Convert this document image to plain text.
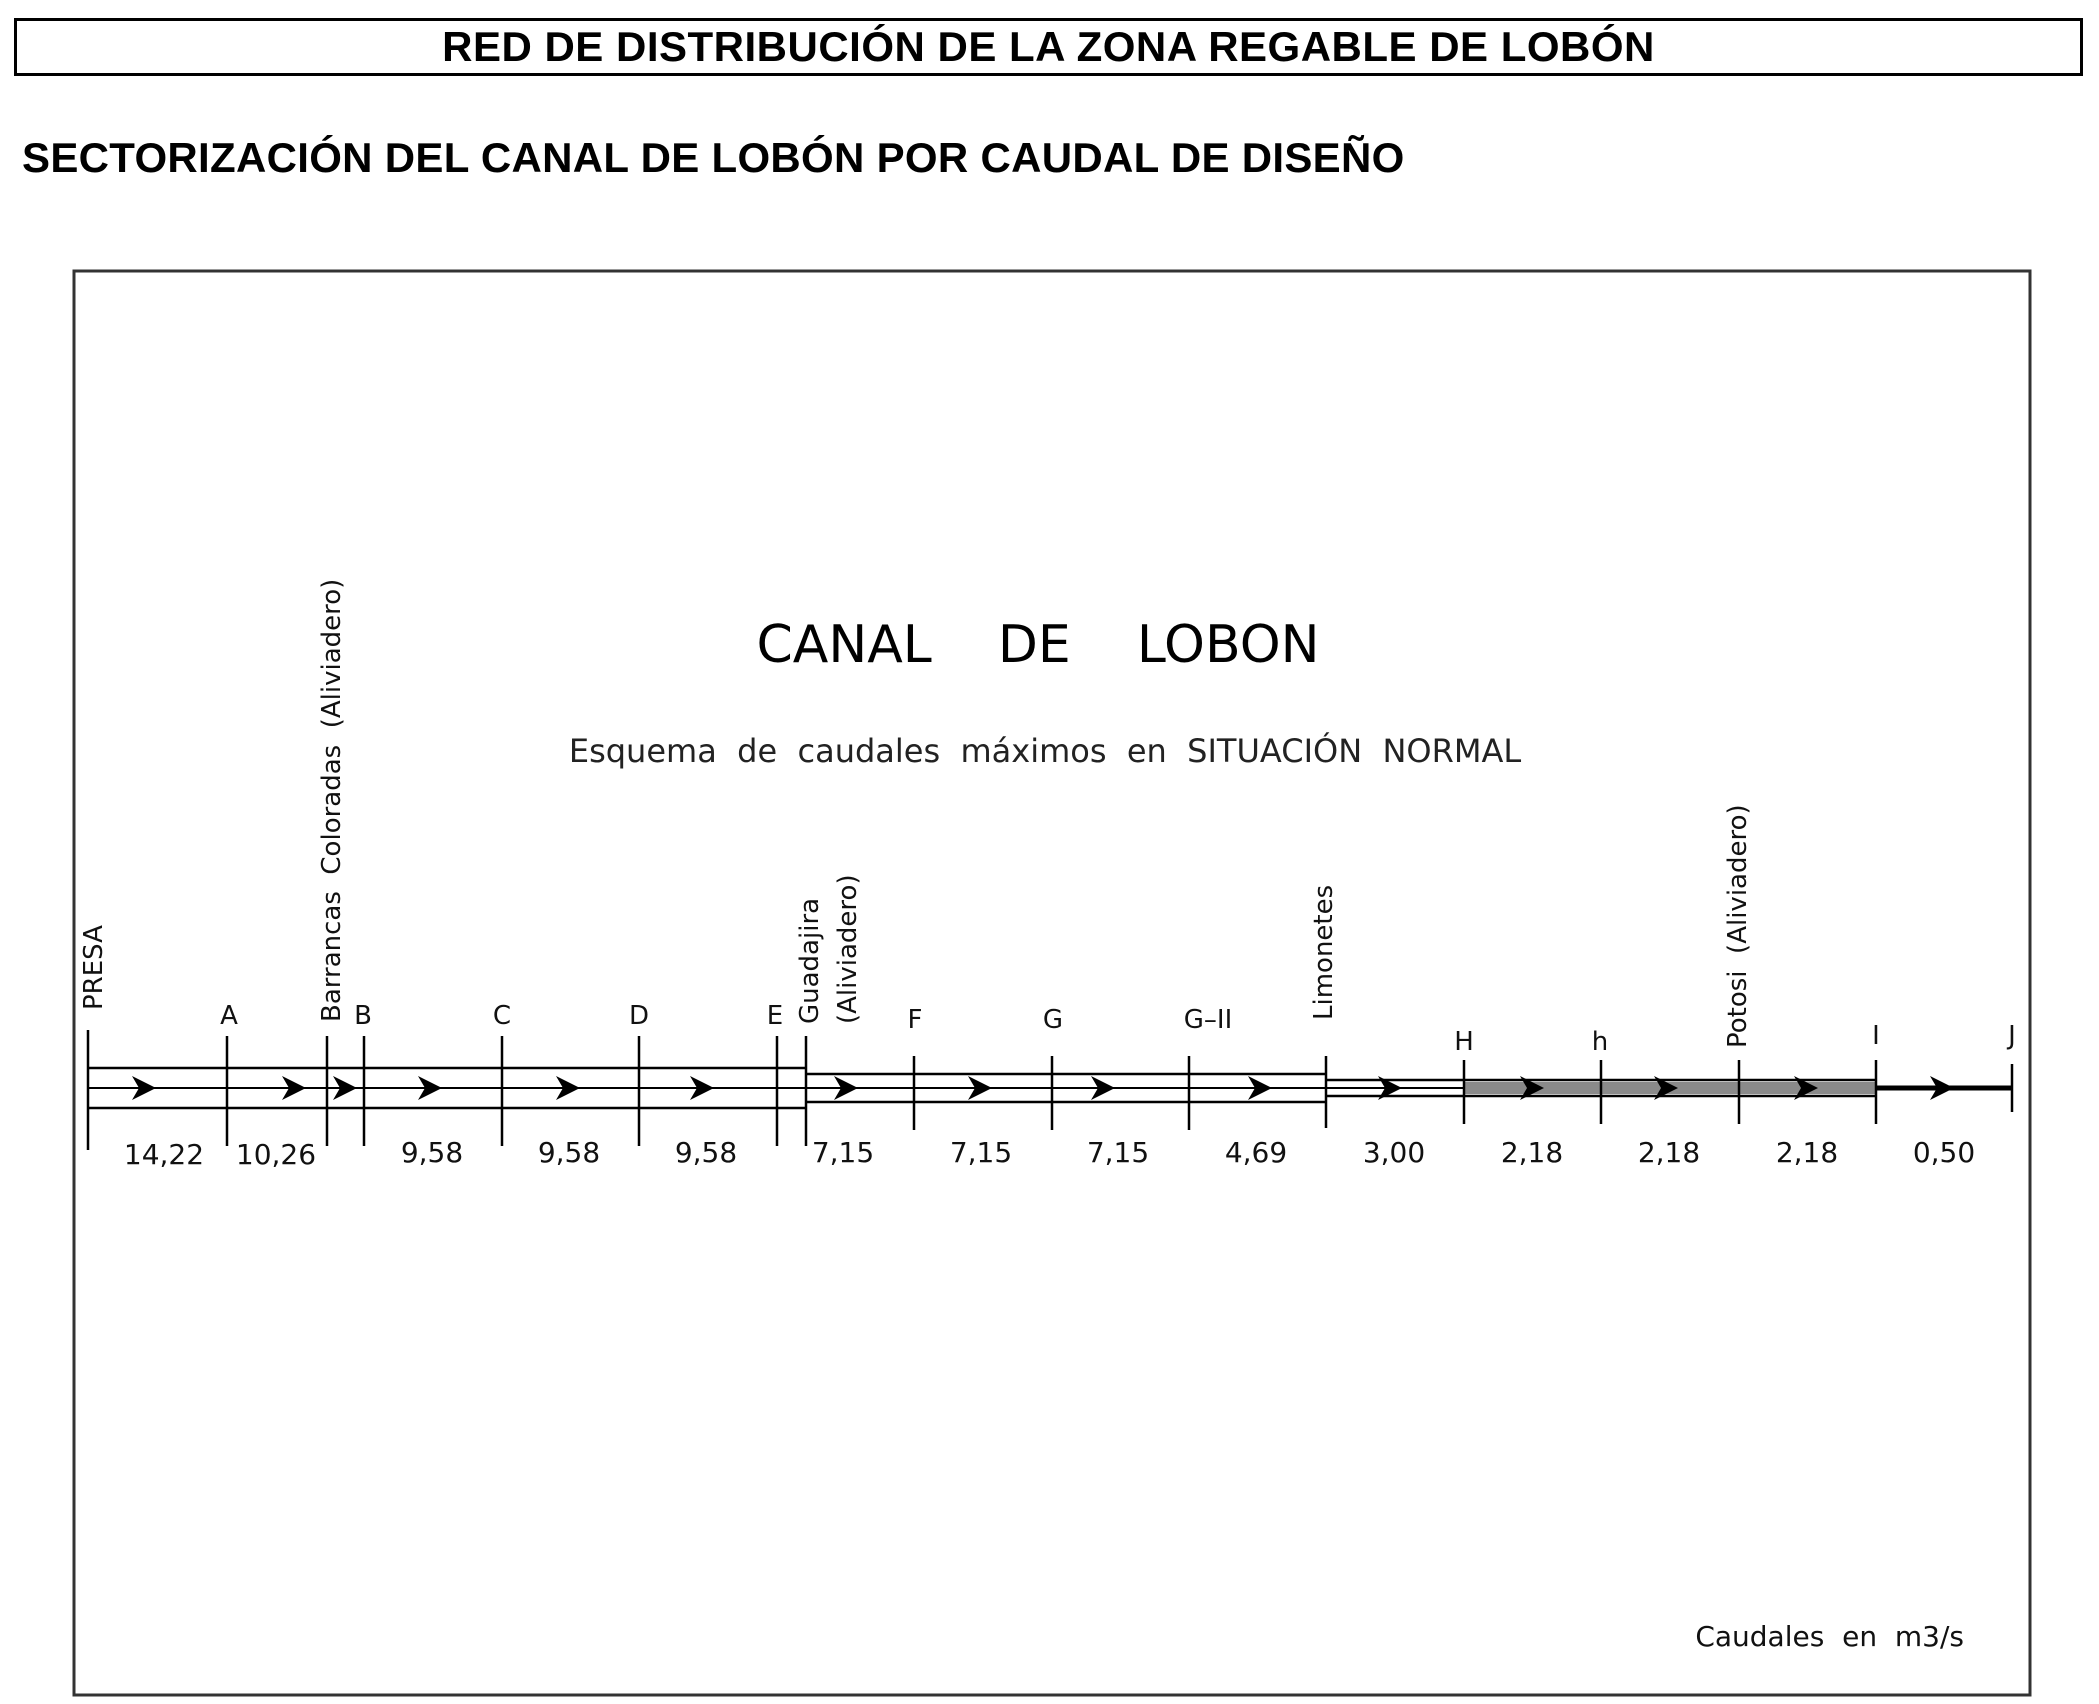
RED DE DISTRIBUCIÓN DE LA ZONA REGABLE DE LOBÓN
SECTORIZACIÓN DEL CANAL DE LOBÓN POR CAUDAL DE DISEÑO
CANAL    DE    LOBON
Esquema  de  caudales  máximos  en  SITUACIÓN  NORMAL
A	B	C	D	E	F	G	G–II
H	h	I	J
PRESA	Barrancas  Coloradas  (Aliviadero)	Guadajira (Aliviadero)	Limonetes	Potosi  (Aliviadero)
14,22 10,26	9,58	9,58	9,58	7,15	7,15	7,15	4,69	3,00	2,18	2,18	2,18	0,50
Caudales  en  m3/s
